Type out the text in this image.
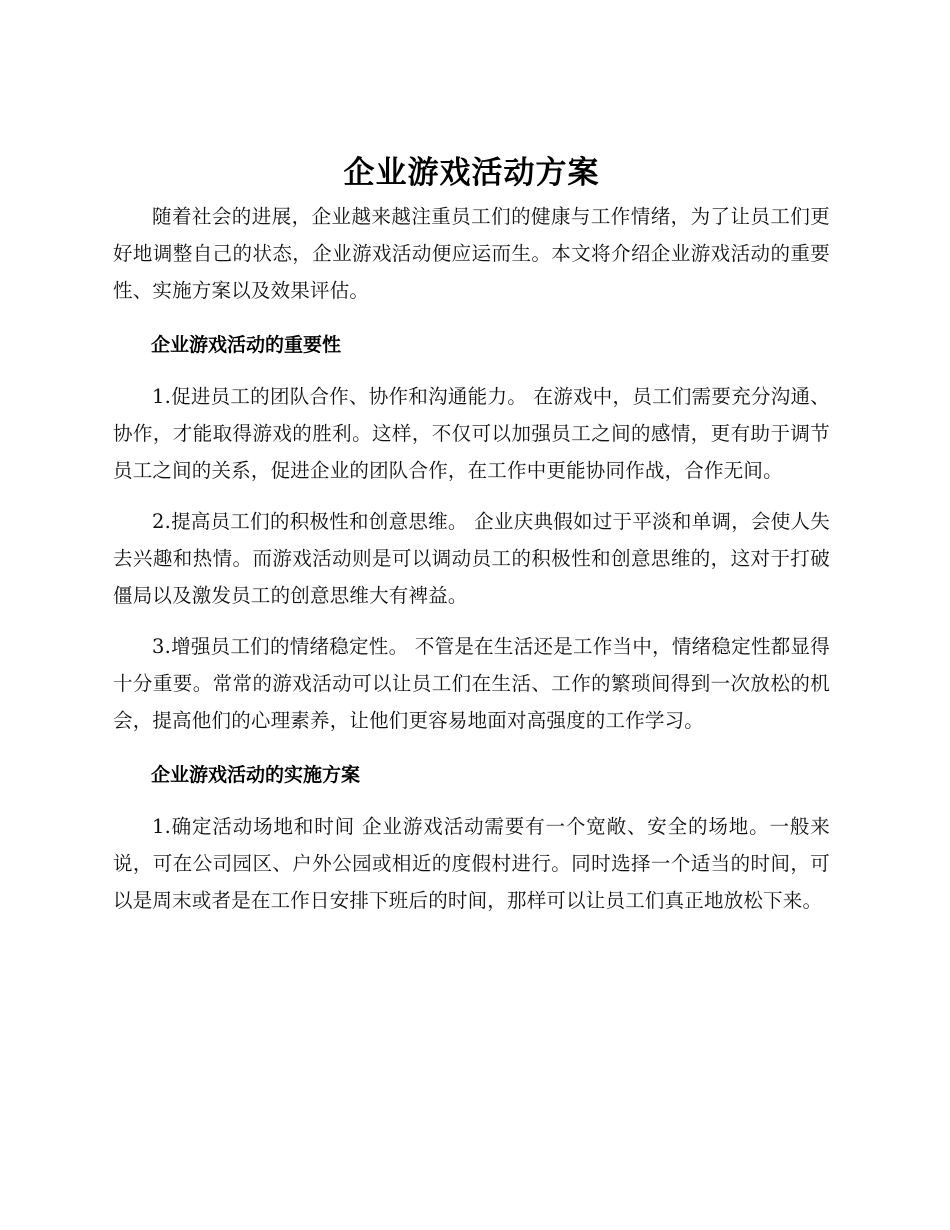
企业游戏活动方案

随着社会的进展，企业越来越注重员工们的健康与工作情绪，为了让员工们更好地调整自己的状态，企业游戏活动便应运而生。本文将介绍企业游戏活动的重要性、实施方案以及效果评估。

企业游戏活动的重要性

1.促进员工的团队合作、协作和沟通能力。 在游戏中，员工们需要充分沟通、协作，才能取得游戏的胜利。这样，不仅可以加强员工之间的感情，更有助于调节员工之间的关系，促进企业的团队合作，在工作中更能协同作战，合作无间。

2.提高员工们的积极性和创意思维。 企业庆典假如过于平淡和单调，会使人失去兴趣和热情。而游戏活动则是可以调动员工的积极性和创意思维的，这对于打破僵局以及激发员工的创意思维大有裨益。

3.增强员工们的情绪稳定性。 不管是在生活还是工作当中，情绪稳定性都显得十分重要。常常的游戏活动可以让员工们在生活、工作的繁琐间得到一次放松的机会，提高他们的心理素养，让他们更容易地面对高强度的工作学习。

企业游戏活动的实施方案

1.确定活动场地和时间 企业游戏活动需要有一个宽敞、安全的场地。一般来说，可在公司园区、户外公园或相近的度假村进行。同时选择一个适当的时间，可以是周末或者是在工作日安排下班后的时间，那样可以让员工们真正地放松下来。
